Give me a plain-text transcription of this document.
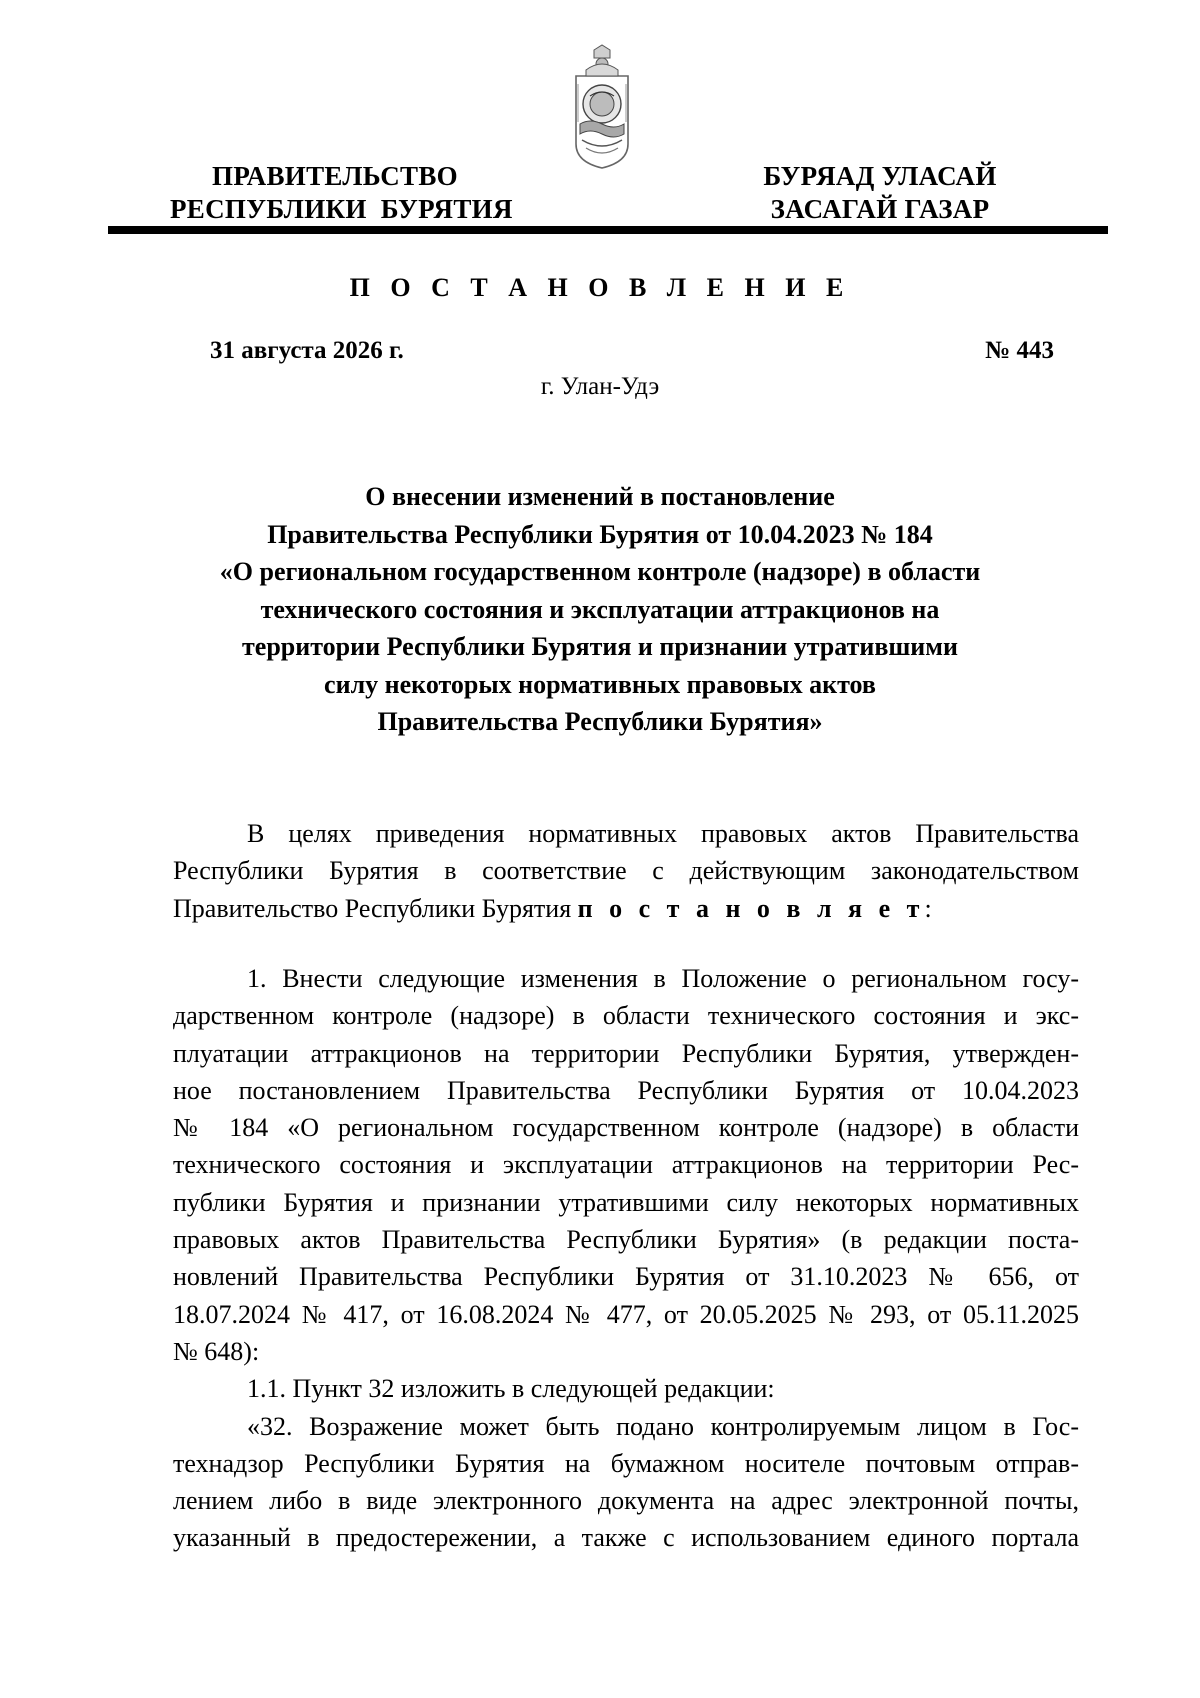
ПРАВИТЕЛЬСТВО
РЕСПУБЛИКИ  БУРЯТИЯ
БУРЯАД УЛАСАЙ
ЗАСАГАЙ ГАЗАР
П О С Т А Н О В Л Е Н И Е
31 августа 2026 г.	№ 443
г. Улан-Удэ
О внесении изменений в постановление
Правительства Республики Бурятия от 10.04.2023 № 184
«О региональном государственном контроле (надзоре) в области
технического состояния и эксплуатации аттракционов на
территории Республики Бурятия и признании утратившими
силу некоторых нормативных правовых актов
Правительства Республики Бурятия»
В целях приведения нормативных правовых актов Правительства
Республики Бурятия в соответствие с действующим законодательством
Правительство Республики Бурятия п о с т а н о в л я е т:
1. Внести следующие изменения в Положение о региональном госу-
дарственном контроле (надзоре) в области технического состояния и экс-
плуатации аттракционов на территории Республики Бурятия, утвержден-
ное постановлением Правительства Республики Бурятия от 10.04.2023
№ 184 «О региональном государственном контроле (надзоре) в области
технического состояния и эксплуатации аттракционов на территории Рес-
публики Бурятия и признании утратившими силу некоторых нормативных
правовых актов Правительства Республики Бурятия» (в редакции поста-
новлений Правительства Республики Бурятия от 31.10.2023 № 656, от
18.07.2024 № 417, от 16.08.2024 № 477, от 20.05.2025 № 293, от 05.11.2025
№ 648):
1.1. Пункт 32 изложить в следующей редакции:
«32. Возражение может быть подано контролируемым лицом в Гос-
технадзор Республики Бурятия на бумажном носителе почтовым отправ-
лением либо в виде электронного документа на адрес электронной почты,
указанный в предостережении, а также с использованием единого портала
